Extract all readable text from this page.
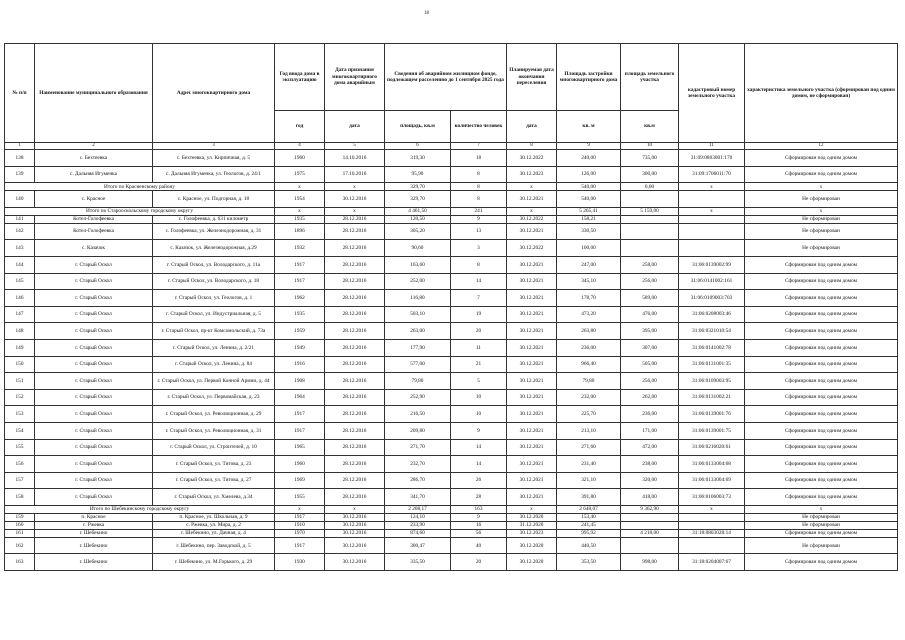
18
№ п/п	Наименование муниципального образования	Адрес многоквартирного дома	Год ввода дома в эксплуатацию	Дата признания многоквартирного дома аварийным	Сведения об аварийном жилищном фонде, подлежащем расселению до 1 сентября 2025 года		Планируемая дата окончания переселения	Площадь застройки многоквартирного дома	площадь земельного участка	кадастровый номер земельного участка	характеристика земельного участка (сформирован под одним домом, не сформирован)
			год	дата	площадь, кв.м	количество человек	дата	кв. м	кв.м		
1	2	3	4	5	6	7	8	9	10	11	12
138	с. Бехтеевка	с. Бехтеевка, ул. Кирпичная, д. 5	1960	14.10.2016	319,30	18	30.12.2022	240,00	735,00	31:09:0803001:170	Сформирован под одним домом
139	с. Дальняя Игуменка	с. Дальняя Игуменка, ул. Геологов, д. 24/1	1975	17.10.2016	95,90	8	30.12.2023	126,00	300,00	31:09:1706011:70	Сформирован под одним домом
Итого по Красненскому району			х	х	329,70	8	х	540,00	0,00	х	х
140	с. Красное	с. Красное, ул. Подгорная, д. 18	1954	30.12.2016	329,70	8	30.12.2021	540,00			Не сформирован
Итого по Старооскольскому городскому округу			х	х	4 461,50	241	х	5 265,41	5 159,00	х	х
141	Котел-Голофеевка	с. Голофеевка, д. 631 километр	1935	28.12.2016	120,50	9	30.12.2022	158,21			Не сформирован
142	Котел-Голофеевка	с. Голофеевка, ул. Железнодорожная, д. 31	1896	28.12.2016	305,20	13	30.12.2021	330,50			Не сформирован
143	с. Казачок	с. Казачок, ул. Железнодорожная, д.29	1932	28.12.2016	90,60	3	30.12.2022	100,00			Не сформирован
144	г. Старый Оскол	г. Старый Оскол, ул. Володарского, д. 11а	1917	28.12.2016	163,60	8	30.12.2021	247,00	258,00	31:06:0139002:99	Сформирован под одним домом
145	г. Старый Оскол	г. Старый Оскол, ул. Володарского, д. 18	1917	28.12.2016	252,00	14	30.12.2021	345,10	256,00	31:06:0141002:161	Сформирован под одним домом
146	г. Старый Оскол	г. Старый Оскол, ул. Геологов, д. 1	1962	28.12.2016	116,80	7	30.12.2021	178,70	589,00	31:06:0109003:703	Сформирован под одним домом
147	г. Старый Оскол	г. Старый Оскол, ул. Индустриальная, д. 5	1935	28.12.2016	503,10	19	30.12.2021	473,20	476,00	31:06:0208003:46	Сформирован под одним домом
148	г. Старый Оскол	г. Старый Оскол, пр-кт Комсомольский, д. 73а	1959	28.12.2016	263,00	20	30.12.2021	263,80	395,00	31:06:0321010:54	Сформирован под одним домом
149	г. Старый Оскол	г. Старый Оскол, ул. Ленина, д. 2/21	1949	28.12.2016	177,90	11	30.12.2021	236,00	307,00	31:06:0141002:78	Сформирован под одним домом
150	г. Старый Оскол	г. Старый Оскол, ул. Ленина, д. 84	1916	28.12.2016	577,00	21	30.12.2021	966,40	505,00	31:06:0131001:35	Сформирован под одним домом
151	г. Старый Оскол	г. Старый Оскол, ул. Первой Конной Армии, д. 44	1908	28.12.2016	79,80	5	30.12.2021	79,80	256,00	31:06:0109003:95	Сформирован под одним домом
152	г. Старый Оскол	г. Старый Оскол, ул. Первомайская, д. 23	1964	28.12.2016	252,90	10	30.12.2021	232,00	262,00	31:06:0131002:21	Сформирован под одним домом
153	г. Старый Оскол	г. Старый Оскол, ул. Революционная, д. 29	1917	28.12.2016	216,50	10	30.12.2021	225,70	236,00	31:06:0139001:76	Сформирован под одним домом
154	г. Старый Оскол	г. Старый Оскол, ул. Революционная, д. 31	1917	28.12.2016	209,80	9	30.12.2021	213,10	171,00	31:06:0139001:75	Сформирован под одним домом
155	г. Старый Оскол	г. Старый Оскол, ул. Строителей, д. 10	1965	28.12.2016	271,70	14	30.12.2021	271,60	472,00	31:06:0216020:61	Сформирован под одним домом
156	г. Старый Оскол	г. Старый Оскол, ул. Титова, д. 23	1960	28.12.2016	232,70	14	30.12.2021	231,40	238,00	31:06:0133004:68	Сформирован под одним домом
157	г. Старый Оскол	г. Старый Оскол, ул. Титова, д. 27	1969	28.12.2016	286,70	26	30.12.2021	321,10	320,00	31:06:0133004:69	Сформирован под одним домом
158	г. Старый Оскол	г. Старый Оскол, ул. Хмелева, д.34	1955	28.12.2016	341,70	28	30.12.2021	391,80	418,00	31:06:0106003:73	Сформирован под одним домом
Итого по Шебекинскому городскому округу			х	х	2 208,17	163	х	2 648,07	9 362,90	х	х
159	п. Красное	п. Красное, ул. Школьная, д. 9	1917	30.12.2016	124,10	9	30.12.2020	153,40			Не сформирован
160	с. Ржевка	с. Ржевка, ул. Мира, д. 2	1910	30.12.2016	233,90	16	31.12.2020	241,45			Не сформирован
161	г. Шебекино	г. Шебекино, ул. Дачная, д. 4	1970	30.12.2016	874,60	56	30.12.2023	995,92	4 218,00	31:18:0803028:14	Сформирован под одним домом
162	г. Шебекино	г. Шебекино, пер. Заводской, д. 5	1917	30.12.2016	300,47	40	30.12.2020	440,50			Не сформирован
163	г. Шебекино	г. Шебекино, ул. М.Горького, д. 29	1930	30.12.2016	335,50	20	30.12.2020	353,50	998,00	31:18:0204007:67	Сформирован под одним домом
